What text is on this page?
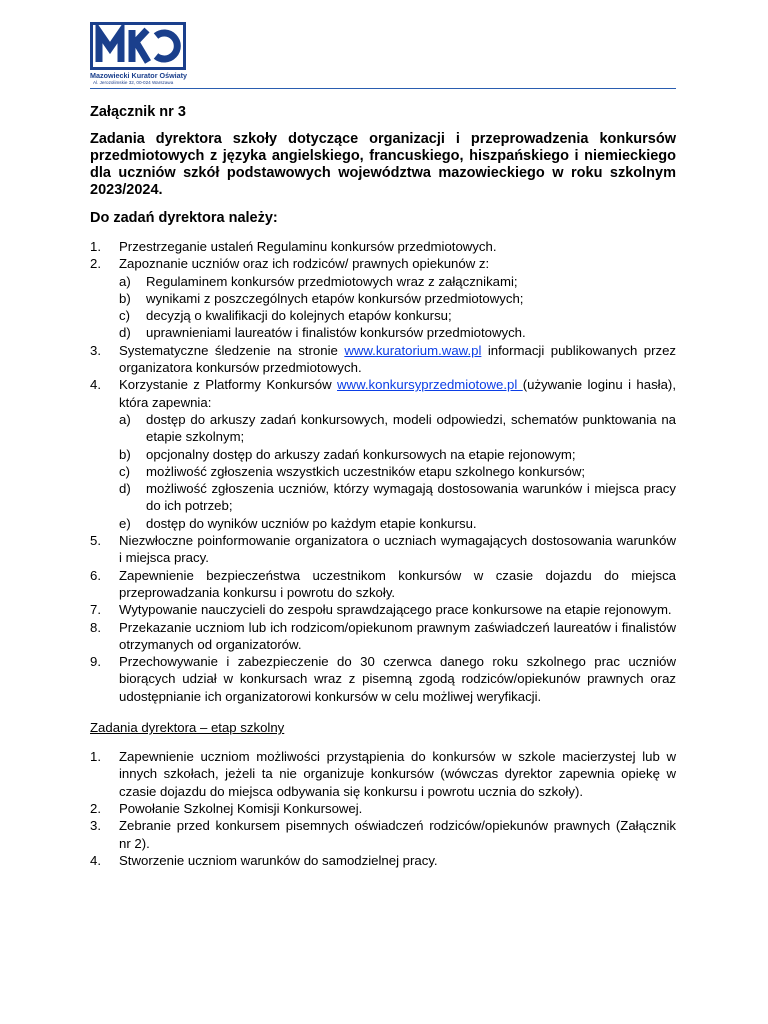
Mazowiecki Kurator Oświaty
Al. Jerozolimskie 32, 00-024 Warszawa
Załącznik nr 3
Zadania dyrektora szkoły dotyczące organizacji i przeprowadzenia konkursów przedmiotowych z języka angielskiego, francuskiego, hiszpańskiego i niemieckiego dla uczniów szkół podstawowych województwa mazowieckiego w roku szkolnym 2023/2024.
Do zadań dyrektora należy:
1. Przestrzeganie ustaleń Regulaminu konkursów przedmiotowych.
2. Zapoznanie uczniów oraz ich rodziców/ prawnych opiekunów z:
a) Regulaminem konkursów przedmiotowych wraz z załącznikami;
b) wynikami z poszczególnych etapów konkursów przedmiotowych;
c) decyzją o kwalifikacji do kolejnych etapów konkursu;
d) uprawnieniami laureatów i finalistów konkursów przedmiotowych.
3. Systematyczne śledzenie na stronie www.kuratorium.waw.pl informacji publikowanych przez organizatora konkursów przedmiotowych.
4. Korzystanie z Platformy Konkursów www.konkursyprzedmiotowe.pl (używanie loginu i hasła), która zapewnia:
a) dostęp do arkuszy zadań konkursowych, modeli odpowiedzi, schematów punktowania na etapie szkolnym;
b) opcjonalny dostęp do arkuszy zadań konkursowych na etapie rejonowym;
c) możliwość zgłoszenia wszystkich uczestników etapu szkolnego konkursów;
d) możliwość zgłoszenia uczniów, którzy wymagają dostosowania warunków i miejsca pracy do ich potrzeb;
e) dostęp do wyników uczniów po każdym etapie konkursu.
5. Niezwłoczne poinformowanie organizatora o uczniach wymagających dostosowania warunków i miejsca pracy.
6. Zapewnienie bezpieczeństwa uczestnikom konkursów w czasie dojazdu do miejsca przeprowadzania konkursu i powrotu do szkoły.
7. Wytypowanie nauczycieli do zespołu sprawdzającego prace konkursowe na etapie rejonowym.
8. Przekazanie uczniom lub ich rodzicom/opiekunom prawnym zaświadczeń laureatów i finalistów otrzymanych od organizatorów.
9. Przechowywanie i zabezpieczenie do 30 czerwca danego roku szkolnego prac uczniów biorących udział w konkursach wraz z pisemną zgodą rodziców/opiekunów prawnych oraz udostępnianie ich organizatorowi konkursów w celu możliwej weryfikacji.
Zadania dyrektora – etap szkolny
1. Zapewnienie uczniom możliwości przystąpienia do konkursów w szkole macierzystej lub w innych szkołach, jeżeli ta nie organizuje konkursów (wówczas dyrektor zapewnia opiekę w czasie dojazdu do miejsca odbywania się konkursu i powrotu ucznia do szkoły).
2. Powołanie Szkolnej Komisji Konkursowej.
3. Zebranie przed konkursem pisemnych oświadczeń rodziców/opiekunów prawnych (Załącznik nr 2).
4. Stworzenie uczniom warunków do samodzielnej pracy.
